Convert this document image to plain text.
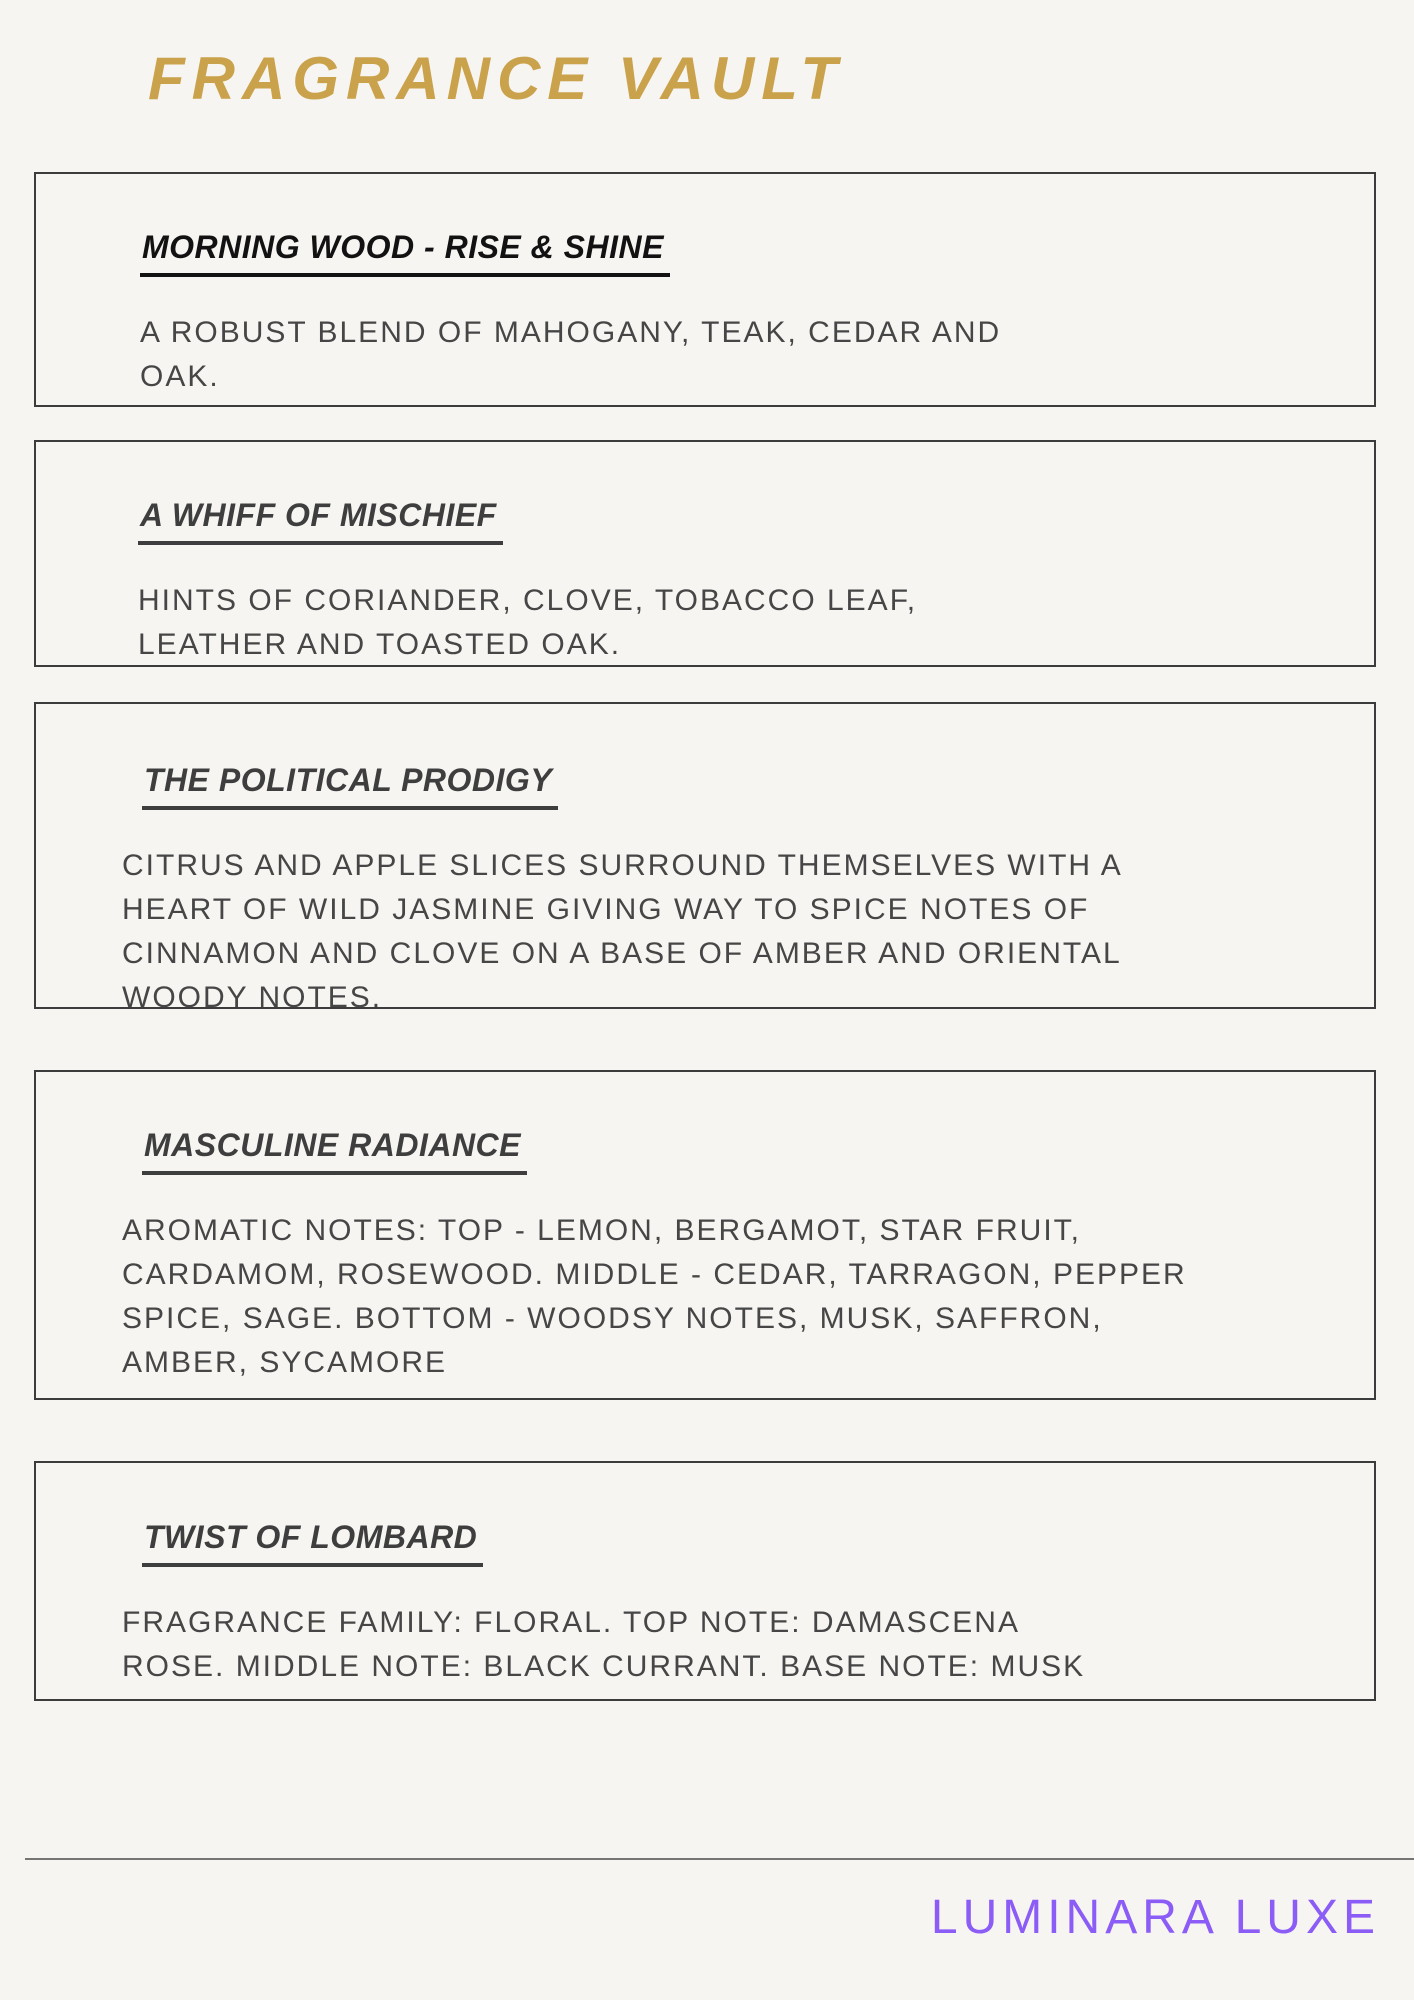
FRAGRANCE VAULT
MORNING WOOD - RISE & SHINE

A ROBUST BLEND OF MAHOGANY, TEAK, CEDAR AND OAK.

A WHIFF OF MISCHIEF

HINTS OF CORIANDER, CLOVE, TOBACCO LEAF, LEATHER AND TOASTED OAK.

THE POLITICAL PRODIGY

CITRUS AND APPLE SLICES SURROUND THEMSELVES WITH A HEART OF WILD JASMINE GIVING WAY TO SPICE NOTES OF CINNAMON AND CLOVE ON A BASE OF AMBER AND ORIENTAL WOODY NOTES.

MASCULINE RADIANCE

AROMATIC NOTES: TOP - LEMON, BERGAMOT, STAR FRUIT, CARDAMOM, ROSEWOOD. MIDDLE - CEDAR, TARRAGON, PEPPER SPICE, SAGE. BOTTOM - WOODSY NOTES, MUSK, SAFFRON, AMBER, SYCAMORE

TWIST OF LOMBARD

FRAGRANCE FAMILY: FLORAL. TOP NOTE: DAMASCENA ROSE. MIDDLE NOTE: BLACK CURRANT. BASE NOTE: MUSK

LUMINARA LUXE
